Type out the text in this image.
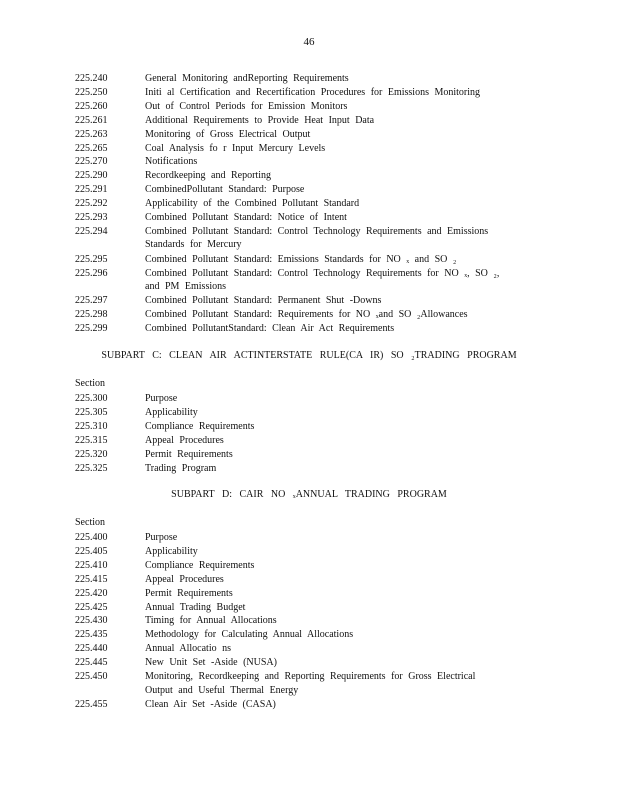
46
225.240	General Monitoring andReporting Requirements
225.250	Initi al Certification and Recertification Procedures for Emissions Monitoring
225.260	Out of Control Periods for Emission Monitors
225.261	Additional Requirements to Provide Heat Input Data
225.263	Monitoring of Gross Electrical Output
225.265	Coal Analysis fo r Input Mercury Levels
225.270	Notifications
225.290	Recordkeeping and Reporting
225.291	CombinedPollutant Standard: Purpose
225.292	Applicability of the Combined Pollutant Standard
225.293	Combined Pollutant Standard: Notice of Intent
225.294	Combined Pollutant Standard: Control Technology Requirements and Emissions
Standards for Mercury
225.295	Combined Pollutant Standard: Emissions Standards for NO ₓ and SO ₂
225.296	Combined Pollutant Standard: Control Technology Requirements for NO ₓ, SO ₂,
and PM Emissions
225.297	Combined Pollutant Standard: Permanent Shut -Downs
225.298	Combined Pollutant Standard: Requirements for NO ₓand SO ₂Allowances
225.299	Combined PollutantStandard: Clean Air Act Requirements
SUBPART C: CLEAN AIR ACTINTERSTATE RULE(CA IR) SO ₂TRADING PROGRAM
Section
225.300	Purpose
225.305	Applicability
225.310	Compliance Requirements
225.315	Appeal Procedures
225.320	Permit Requirements
225.325	Trading Program
SUBPART D: CAIR NO ₓANNUAL TRADING PROGRAM
Section
225.400	Purpose
225.405	Applicability
225.410	Compliance Requirements
225.415	Appeal Procedures
225.420	Permit Requirements
225.425	Annual Trading Budget
225.430	Timing for Annual Allocations
225.435	Methodology for Calculating Annual Allocations
225.440	Annual Allocatio ns
225.445	New Unit Set -Aside (NUSA)
225.450	Monitoring, Recordkeeping and Reporting Requirements for Gross Electrical
Output and Useful Thermal Energy
225.455	Clean Air Set -Aside (CASA)
